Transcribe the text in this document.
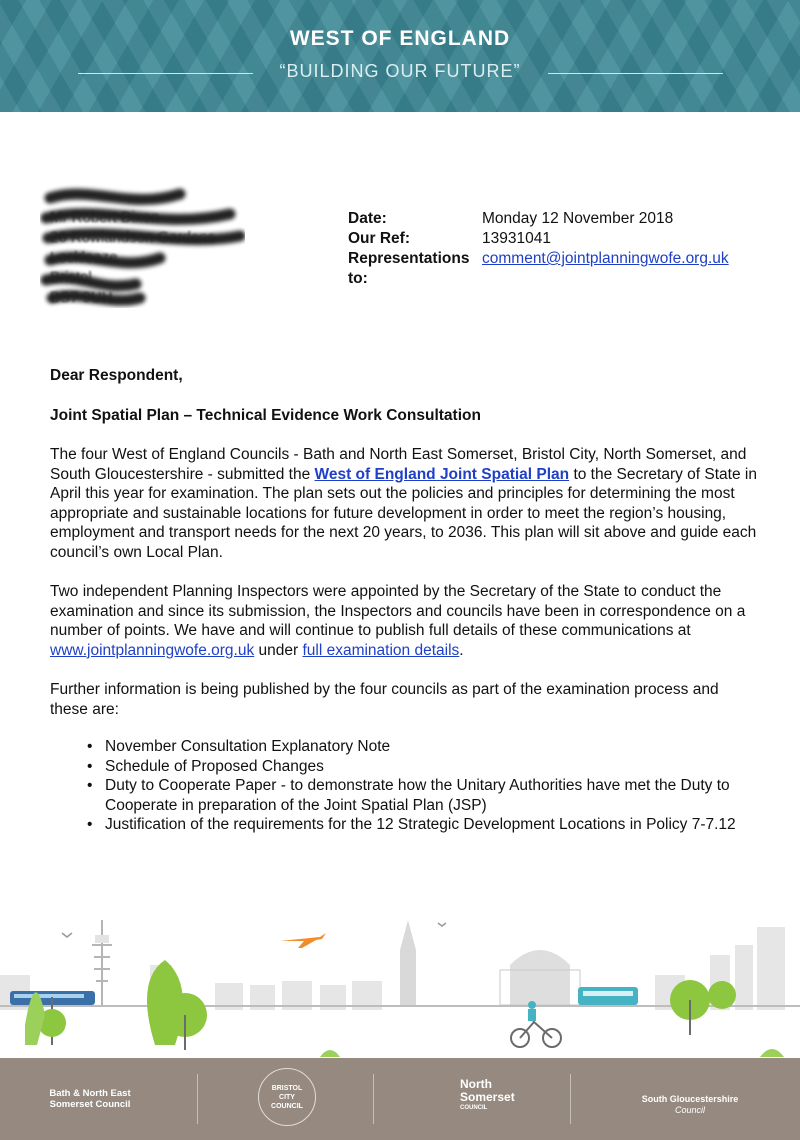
WEST OF ENGLAND
“BUILDING OUR FUTURE”
Mr Robert Dixon
26 Rowlandson Gardens
Lockleaze
Bristol
BS7 9UH
Date:	Monday 12 November 2018
Our Ref:	13931041
Representations comment@jointplanningwofe.org.uk
to:

Dear Respondent,

Joint Spatial Plan – Technical Evidence Work Consultation

The four West of England Councils - Bath and North East Somerset, Bristol City, North Somerset, and South Gloucestershire - submitted the West of England Joint Spatial Plan to the Secretary of State in April this year for examination. The plan sets out the policies and principles for determining the most appropriate and sustainable locations for future development in order to meet the region’s housing, employment and transport needs for the next 20 years, to 2036. This plan will sit above and guide each council’s own Local Plan.

Two independent Planning Inspectors were appointed by the Secretary of the State to conduct the examination and since its submission, the Inspectors and councils have been in correspondence on a number of points. We have and will continue to publish full details of these communications at www.jointplanningwofe.org.uk under full examination details.

Further information is being published by the four councils as part of the examination process and these are:

• November Consultation Explanatory Note
• Schedule of Proposed Changes
• Duty to Cooperate Paper - to demonstrate how the Unitary Authorities have met the Duty to Cooperate in preparation of the Joint Spatial Plan (JSP)
• Justification of the requirements for the 12 Strategic Development Locations in Policy 7-7.12
Bath & North East
Somerset Council
BRISTOL CITY COUNCIL
North
Somerset
COUNCIL
South Gloucestershire
Council
